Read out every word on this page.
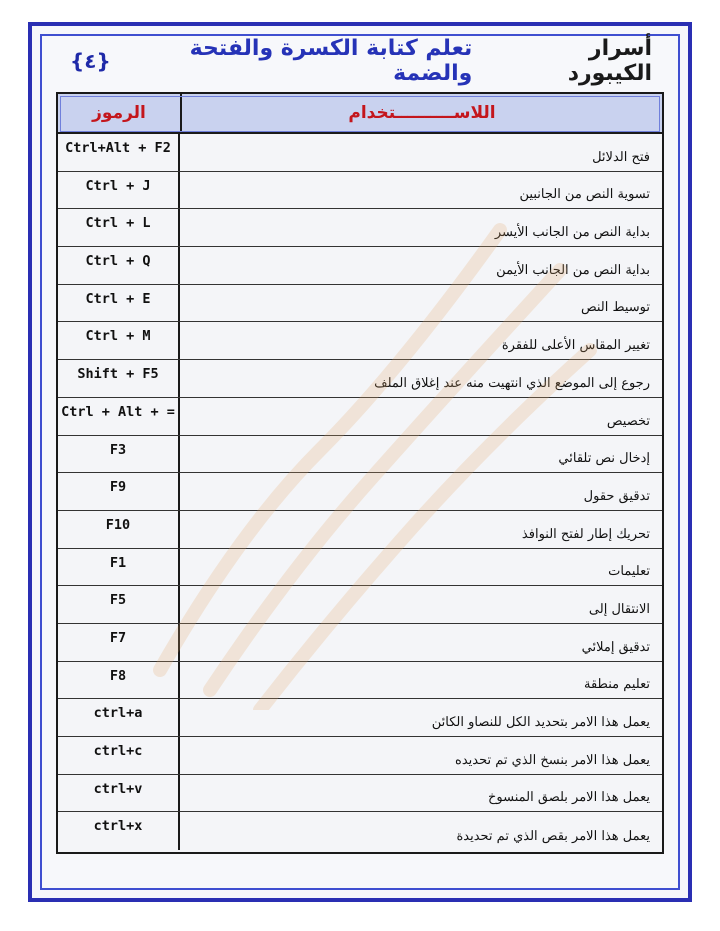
{٤}	أسرار الكيبورد
تعلم كتابة الكسرة والفتحة والضمة
اللاســــــــــتخدام
الرموز
فتح الدلائل
Ctrl+Alt + F2
تسوية النص من الجانبين
Ctrl + J
بداية النص من الجانب الأيسر
Ctrl + L
بداية النص من الجانب الأيمن
Ctrl + Q
توسيط النص
Ctrl + E
تغيير المقاس الأعلى للفقرة
Ctrl + M
رجوع إلى الموضع الذي انتهيت منه عند إغلاق الملف
Shift + F5
تخصيص
Ctrl + Alt + =
إدخال نص تلقائي
F3
تدقيق حقول
F9
تحريك إطار لفتح النوافذ
F10
تعليمات
F1
الانتقال إلى
F5
تدقيق إملائي
F7
تعليم منطقة
F8
يعمل هذا الامر بتحديد الكل للنصاو الكائن
ctrl+a
يعمل هذا الامر بنسخ الذي تم تحديده
ctrl+c
يعمل هذا الامر بلصق المنسوخ
ctrl+v
يعمل هذا الامر بقص الذي تم تحديدة
ctrl+x
